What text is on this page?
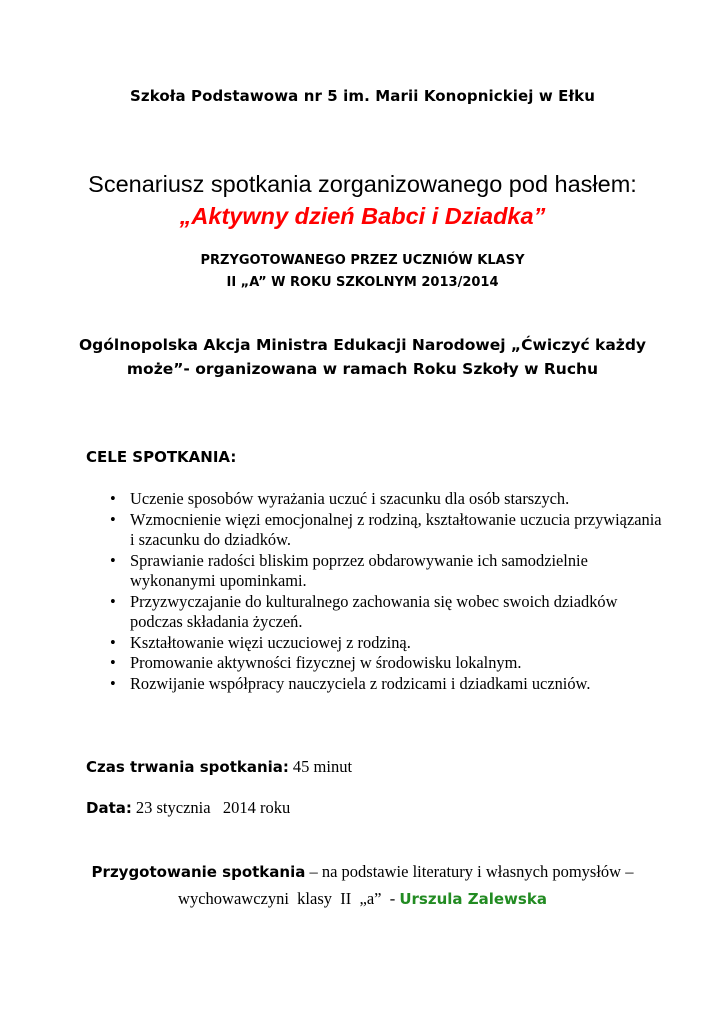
Szkoła Podstawowa nr 5 im. Marii Konopnickiej w Ełku
Scenariusz spotkania zorganizowanego pod hasłem:
„Aktywny dzień Babci i Dziadka”
PRZYGOTOWANEGO PRZEZ UCZNIÓW KLASY
II „A” W ROKU SZKOLNYM 2013/2014
Ogólnopolska Akcja Ministra Edukacji Narodowej „Ćwiczyć każdy
może”- organizowana w ramach Roku Szkoły w Ruchu
CELE SPOTKANIA:
• Uczenie sposobów wyrażania uczuć i szacunku dla osób starszych.
• Wzmocnienie więzi emocjonalnej z rodziną, kształtowanie uczucia przywiązania i szacunku do dziadków.
• Sprawianie radości bliskim poprzez obdarowywanie ich samodzielnie wykonanymi upominkami.
• Przyzwyczajanie do kulturalnego zachowania się wobec swoich dziadków podczas składania życzeń.
• Kształtowanie więzi uczuciowej z rodziną.
• Promowanie aktywności fizycznej w środowisku lokalnym.
• Rozwijanie współpracy nauczyciela z rodzicami i dziadkami uczniów.
Czas trwania spotkania: 45 minut
Data: 23 stycznia   2014 roku
Przygotowanie spotkania – na podstawie literatury i własnych pomysłów –
wychowawczyni  klasy  II  „a”  - Urszula Zalewska
